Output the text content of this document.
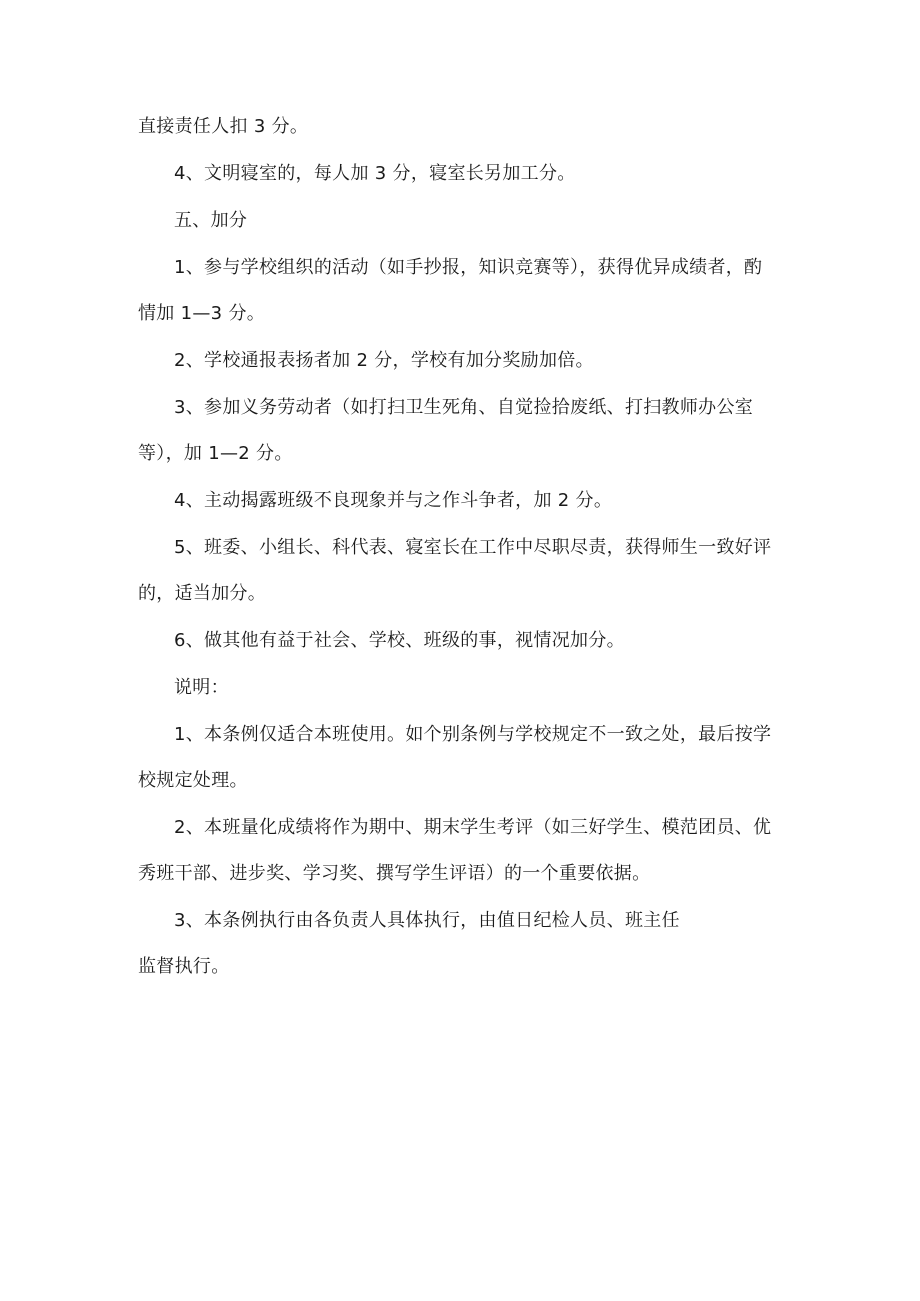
直接责任人扣 3 分。
4、文明寝室的，每人加 3 分，寝室长另加工分。
五、加分
1、参与学校组织的活动（如手抄报，知识竞赛等），获得优异成绩者，酌
情加 1—3 分。
2、学校通报表扬者加 2 分，学校有加分奖励加倍。
3、参加义务劳动者（如打扫卫生死角、自觉捡拾废纸、打扫教师办公室
等），加 1—2 分。
4、主动揭露班级不良现象并与之作斗争者，加 2 分。
5、班委、小组长、科代表、寝室长在工作中尽职尽责，获得师生一致好评
的，适当加分。
6、做其他有益于社会、学校、班级的事，视情况加分。
说明：
1、本条例仅适合本班使用。如个别条例与学校规定不一致之处，最后按学
校规定处理。
2、本班量化成绩将作为期中、期末学生考评（如三好学生、模范团员、优
秀班干部、进步奖、学习奖、撰写学生评语）的一个重要依据。
3、本条例执行由各负责人具体执行，由值日纪检人员、班主任
监督执行。
